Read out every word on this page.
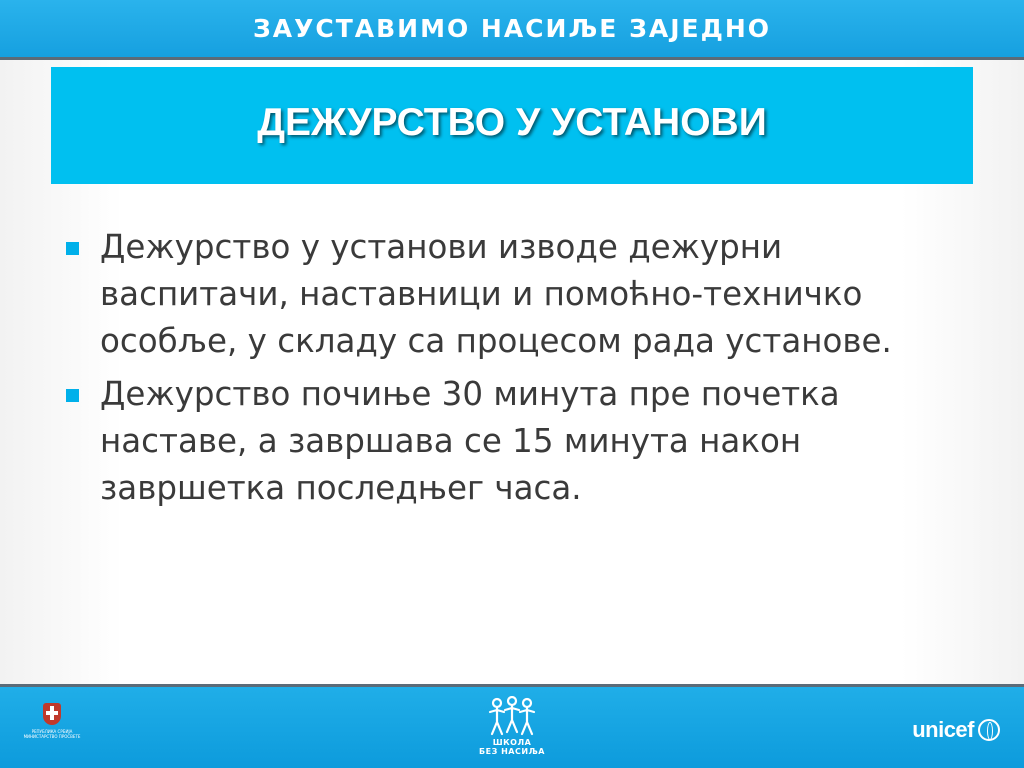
ЗАУСТАВИМО НАСИЉЕ ЗАЈЕДНО
ДЕЖУРСТВО У УСТАНОВИ
Дежурство у установи изводе дежурни васпитачи, наставници и помоћно-техничко особље, у складу са процесом рада установе.
Дежурство почиње 30 минута пре почетка наставе, а завршава се 15 минута након завршетка последњег часа.
РЕПУБЛИКА СРБИЈА
МИНИСТАРСТВО ПРОСВЕТЕ
ШКОЛА
БЕЗ НАСИЉА
unicef
